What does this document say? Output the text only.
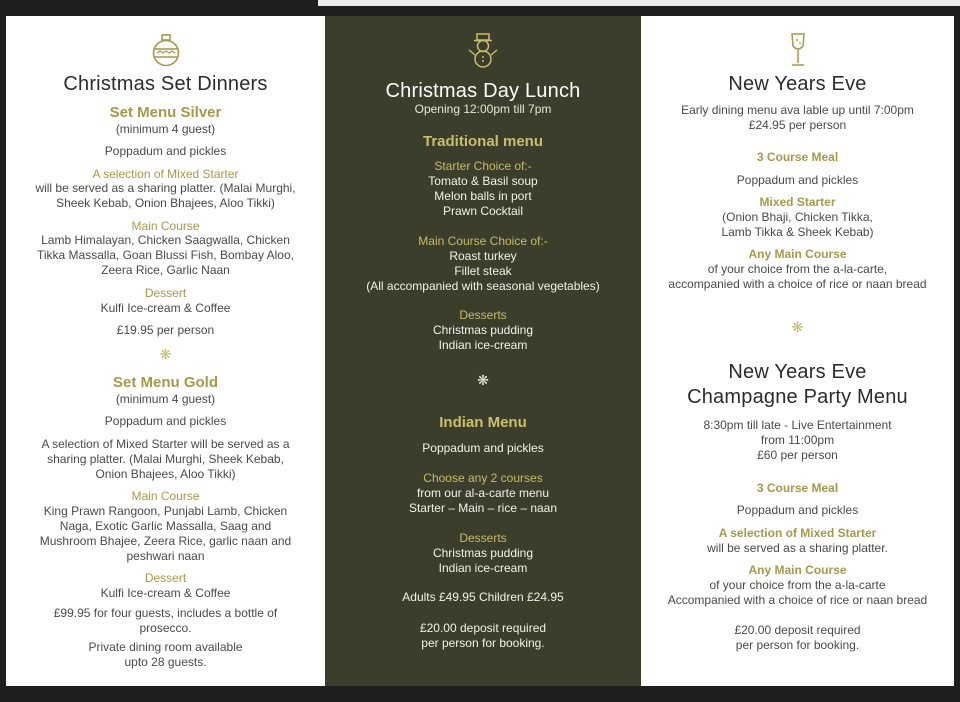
Christmas Set Dinners
Set Menu Silver
(minimum 4 guest)
Poppadum and pickles
A selection of Mixed Starter
will be served as a sharing platter. (Malai Murghi,
Sheek Kebab, Onion Bhajees, Aloo Tikki)
Main Course
Lamb Himalayan, Chicken Saagwalla, Chicken
Tikka Massalla, Goan Blussi Fish, Bombay Aloo,
Zeera Rice, Garlic Naan
Dessert
Kulfi Ice-cream & Coffee
£19.95 per person
❋
Set Menu Gold
(minimum 4 guest)
Poppadum and pickles
A selection of Mixed Starter will be served as a
sharing platter. (Malai Murghi, Sheek Kebab,
Onion Bhajees, Aloo Tikki)
Main Course
King Prawn Rangoon, Punjabi Lamb, Chicken
Naga, Exotic Garlic Massalla, Saag and
Mushroom Bhajee, Zeera Rice, garlic naan and
peshwari naan
Dessert
Kulfi Ice-cream & Coffee
£99.95 for four guests, includes a bottle of
prosecco.
Private dining room available
upto 28 guests.
Christmas Day Lunch
Opening 12:00pm till 7pm
Traditional menu
Starter Choice of:-
Tomato & Basil soup
Melon balls in port
Prawn Cocktail
Main Course Choice of:-
Roast turkey
Fillet steak
(All accompanied with seasonal vegetables)
Desserts
Christmas pudding
Indian ice-cream
❋
Indian Menu
Poppadum and pickles
Choose any 2 courses
from our al-a-carte menu
Starter – Main – rice – naan
Desserts
Christmas pudding
Indian ice-cream
Adults £49.95 Children £24.95
£20.00 deposit required
per person for booking.
New Years Eve
Early dining menu ava lable up until 7:00pm
£24.95 per person
3 Course Meal
Poppadum and pickles
Mixed Starter
(Onion Bhaji, Chicken Tikka,
Lamb Tikka & Sheek Kebab)
Any Main Course
of your choice from the a-la-carte,
accompanied with a choice of rice or naan bread
❋
New Years Eve
Champagne Party Menu
8:30pm till late - Live Entertainment
from 11:00pm
£60 per person
3 Course Meal
Poppadum and pickles
A selection of Mixed Starter
will be served as a sharing platter.
Any Main Course
of your choice from the a-la-carte
Accompanied with a choice of rice or naan bread
£20.00 deposit required
per person for booking.
